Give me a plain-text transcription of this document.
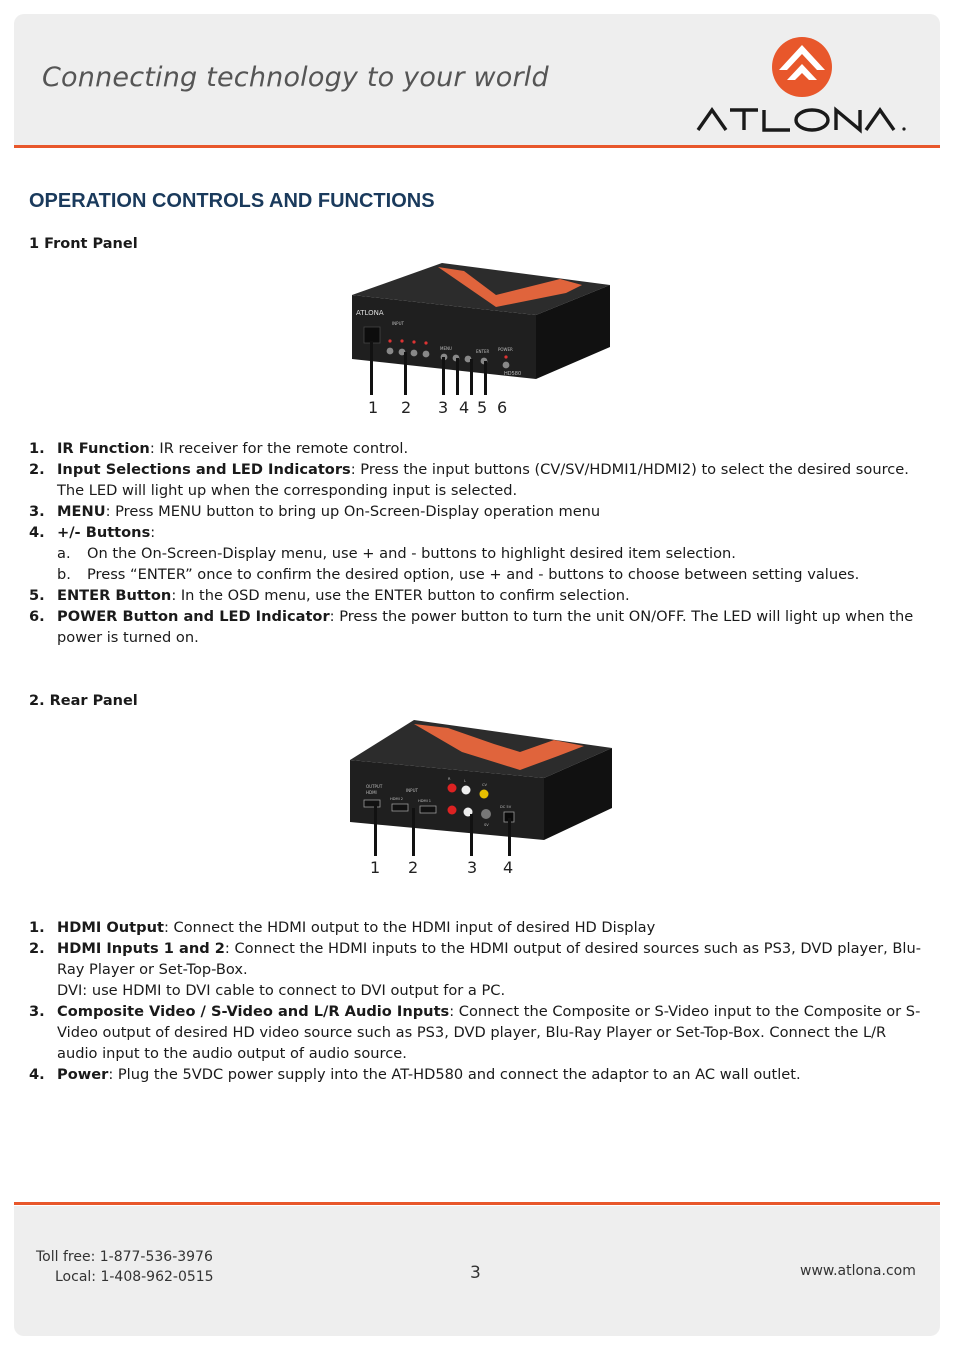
Connecting technology to your world
OPERATION CONTROLS AND FUNCTIONS
1 Front Panel
ATLONA
INPUT
MENU
ENTER POWER
HD580
1 2 3 4 5 6
1. IR Function: IR receiver for the remote control.
2. Input Selections and LED Indicators: Press the input buttons (CV/SV/HDMI1/HDMI2) to select the desired source. The LED will light up when the corresponding input is selected.
3. MENU: Press MENU button to bring up On-Screen-Display operation menu
4. +/- Buttons:
a. On the On-Screen-Display menu, use + and - buttons to highlight desired item selection.
b. Press “ENTER” once to confirm the desired option, use + and - buttons to choose between setting values.
5. ENTER Button: In the OSD menu, use the ENTER button to confirm selection.
6. POWER Button and LED Indicator: Press the power button to turn the unit ON/OFF. The LED will light up when the power is turned on.
2. Rear Panel
OUTPUT
HDMI	INPUT
HDMI 2	HDMI 1
R	L
CV
SV
DC 5V
1 2	3 4
1. HDMI Output: Connect the HDMI output to the HDMI input of desired HD Display
2. HDMI Inputs 1 and 2: Connect the HDMI inputs to the HDMI output of desired sources such as PS3, DVD player, Blu-Ray Player or Set-Top-Box.
DVI: use HDMI to DVI cable to connect to DVI output for a PC.
3. Composite Video / S-Video and L/R Audio Inputs: Connect the Composite or S-Video input to the Composite or S-Video output of desired HD video source such as PS3, DVD player, Blu-Ray Player or Set-Top-Box. Connect the L/R audio input to the audio output of audio source.
4. Power: Plug the 5VDC power supply into the AT-HD580 and connect the adaptor to an AC wall outlet.
Toll free: 1-877-536-3976
Local: 1-408-962-0515	3	www.atlona.com
